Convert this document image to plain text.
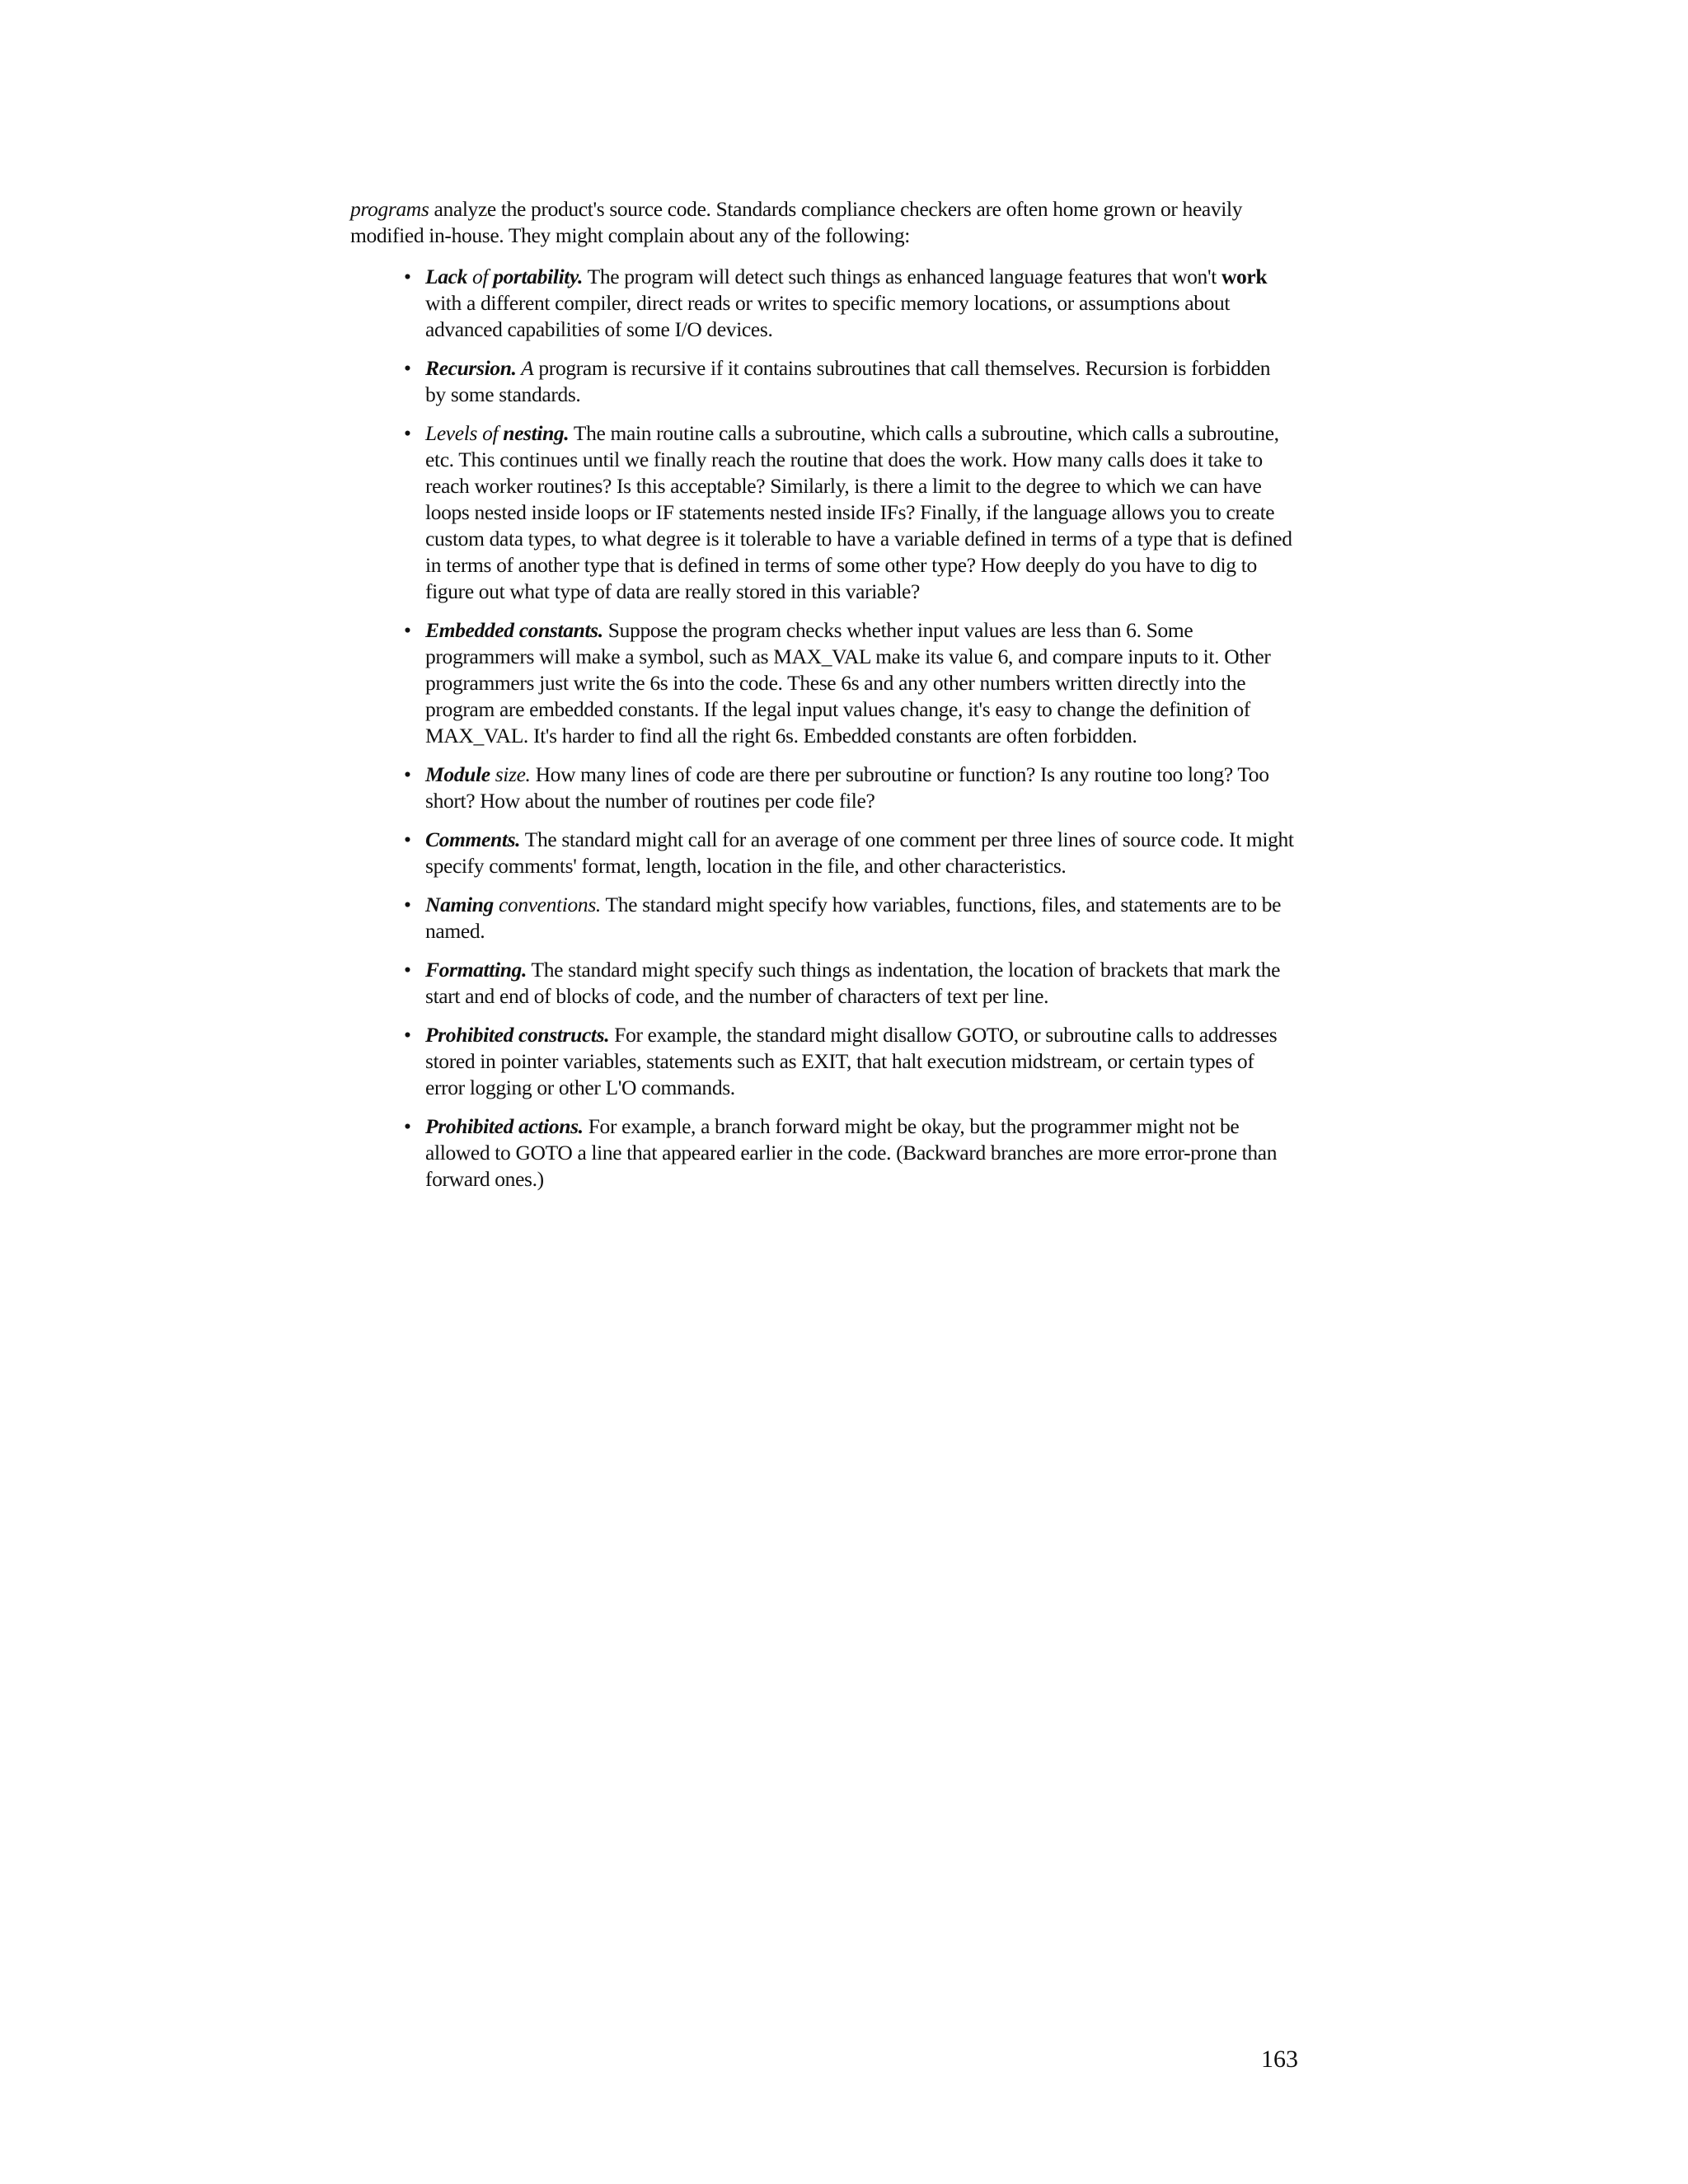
programs analyze the product's source code. Standards compliance checkers are often home grown or heavily modified in-house. They might complain about any of the following:

• Lack of portability. The program will detect such things as enhanced language features that won't work with a different compiler, direct reads or writes to specific memory locations, or assumptions about advanced capabilities of some I/O devices.
• Recursion. A program is recursive if it contains subroutines that call themselves. Recursion is forbidden by some standards.
• Levels of nesting. The main routine calls a subroutine, which calls a subroutine, which calls a subroutine, etc. This continues until we finally reach the routine that does the work. How many calls does it take to reach worker routines? Is this acceptable? Similarly, is there a limit to the degree to which we can have loops nested inside loops or IF statements nested inside IFs? Finally, if the language allows you to create custom data types, to what degree is it tolerable to have a variable defined in terms of a type that is defined in terms of another type that is defined in terms of some other type? How deeply do you have to dig to figure out what type of data are really stored in this variable?
• Embedded constants. Suppose the program checks whether input values are less than 6. Some programmers will make a symbol, such as MAX_VAL make its value 6, and compare inputs to it. Other programmers just write the 6s into the code. These 6s and any other numbers written directly into the program are embedded constants. If the legal input values change, it's easy to change the definition of MAX_VAL. It's harder to find all the right 6s. Embedded constants are often forbidden.
• Module size. How many lines of code are there per subroutine or function? Is any routine too long? Too short? How about the number of routines per code file?
• Comments. The standard might call for an average of one comment per three lines of source code. It might specify comments' format, length, location in the file, and other characteristics.
• Naming conventions. The standard might specify how variables, functions, files, and statements are to be named.
• Formatting. The standard might specify such things as indentation, the location of brackets that mark the start and end of blocks of code, and the number of characters of text per line.
• Prohibited constructs. For example, the standard might disallow GOTO, or subroutine calls to addresses stored in pointer variables, statements such as EXIT, that halt execution midstream, or certain types of error logging or other L'O commands.
• Prohibited actions. For example, a branch forward might be okay, but the programmer might not be allowed to GOTO a line that appeared earlier in the code. (Backward branches are more error-prone than forward ones.)

163
